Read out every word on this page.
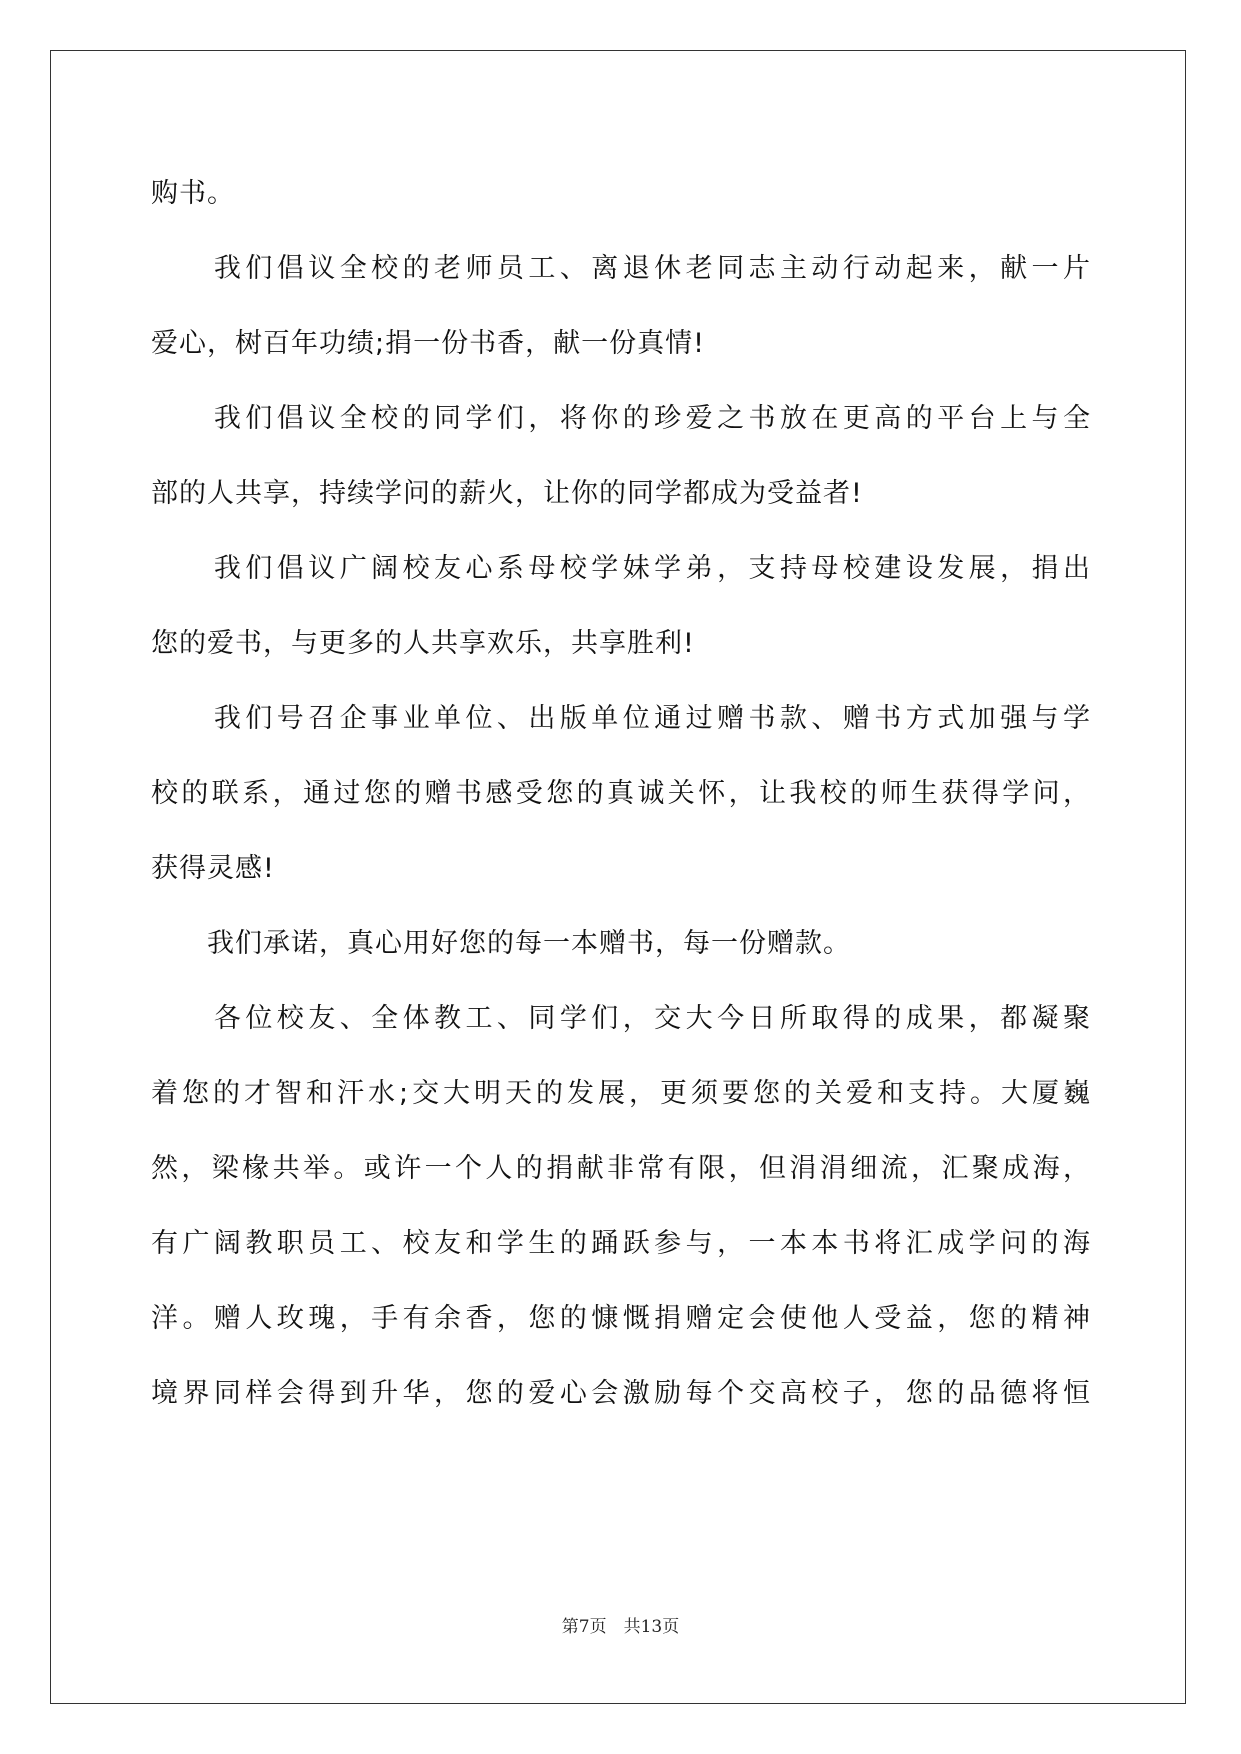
购书。
　　我们倡议全校的老师员工、离退休老同志主动行动起来，献一片
爱心，树百年功绩;捐一份书香，献一份真情!
　　我们倡议全校的同学们，将你的珍爱之书放在更高的平台上与全
部的人共享，持续学问的薪火，让你的同学都成为受益者!
　　我们倡议广阔校友心系母校学妹学弟，支持母校建设发展，捐出
您的爱书，与更多的人共享欢乐，共享胜利!
　　我们号召企事业单位、出版单位通过赠书款、赠书方式加强与学
校的联系，通过您的赠书感受您的真诚关怀，让我校的师生获得学问，
获得灵感!
　　我们承诺，真心用好您的每一本赠书，每一份赠款。
　　各位校友、全体教工、同学们，交大今日所取得的成果，都凝聚
着您的才智和汗水;交大明天的发展，更须要您的关爱和支持。大厦巍
然，梁椽共举。或许一个人的捐献非常有限，但涓涓细流，汇聚成海，
有广阔教职员工、校友和学生的踊跃参与，一本本书将汇成学问的海
洋。赠人玫瑰，手有余香，您的慷慨捐赠定会使他人受益，您的精神
境界同样会得到升华，您的爱心会激励每个交高校子，您的品德将恒
第7页　共13页
